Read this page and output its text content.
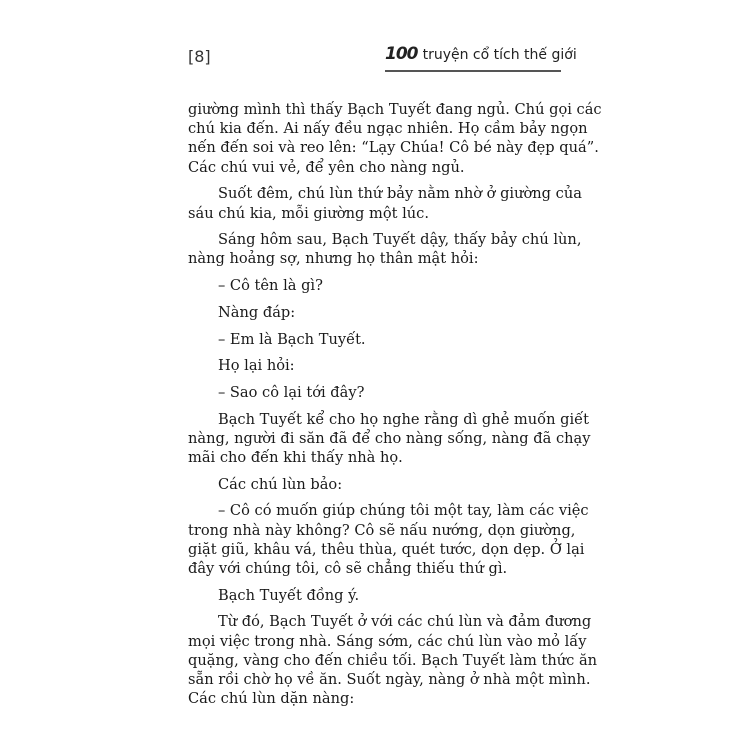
[8]	100 truyện cổ tích thế giới

giường mình thì thấy Bạch Tuyết đang ngủ. Chú gọi các
chú kia đến. Ai nấy đều ngạc nhiên. Họ cầm bảy ngọn
nến đến soi và reo lên: “Lạy Chúa! Cô bé này đẹp quá”.
Các chú vui vẻ, để yên cho nàng ngủ.

Suốt đêm, chú lùn thứ bảy nằm nhờ ở giường của
sáu chú kia, mỗi giường một lúc.

Sáng hôm sau, Bạch Tuyết dậy, thấy bảy chú lùn,
nàng hoảng sợ, nhưng họ thân mật hỏi:

– Cô tên là gì?

Nàng đáp:

– Em là Bạch Tuyết.

Họ lại hỏi:

– Sao cô lại tới đây?

Bạch Tuyết kể cho họ nghe rằng dì ghẻ muốn giết
nàng, người đi săn đã để cho nàng sống, nàng đã chạy
mãi cho đến khi thấy nhà họ.

Các chú lùn bảo:

– Cô có muốn giúp chúng tôi một tay, làm các việc
trong nhà này không? Cô sẽ nấu nướng, dọn giường,
giặt giũ, khâu vá, thêu thùa, quét tước, dọn dẹp. Ở lại
đây với chúng tôi, cô sẽ chẳng thiếu thứ gì.

Bạch Tuyết đồng ý.

Từ đó, Bạch Tuyết ở với các chú lùn và đảm đương
mọi việc trong nhà. Sáng sớm, các chú lùn vào mỏ lấy
quặng, vàng cho đến chiều tối. Bạch Tuyết làm thức ăn
sẵn rồi chờ họ về ăn. Suốt ngày, nàng ở nhà một mình.
Các chú lùn dặn nàng:
